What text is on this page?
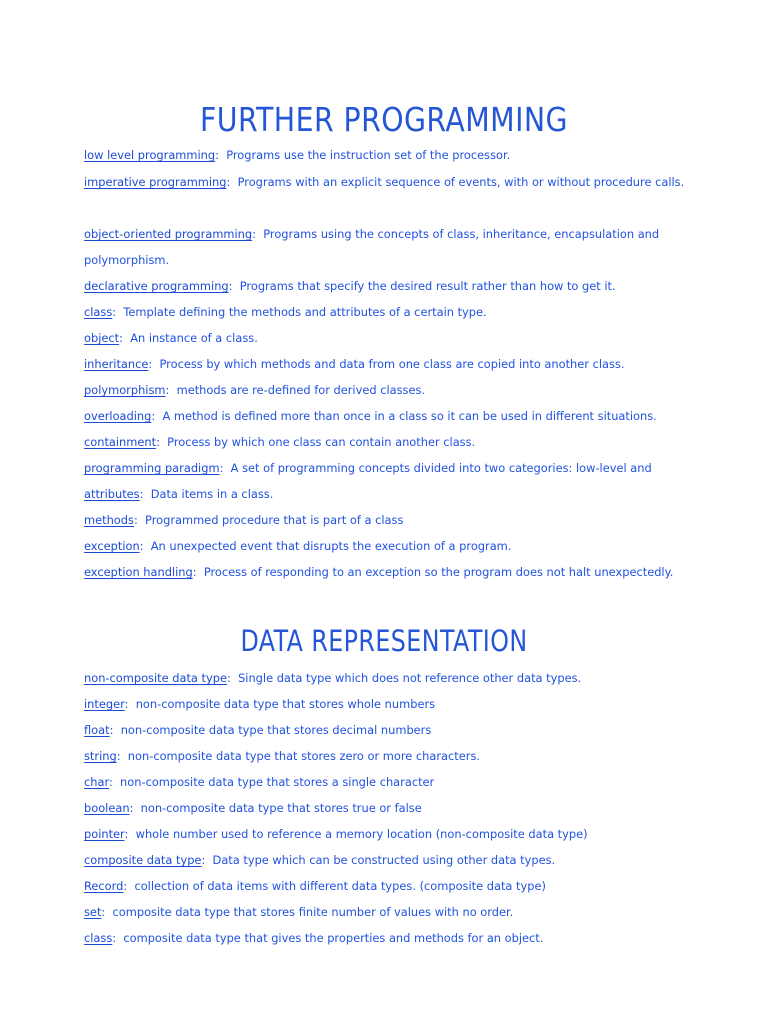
FURTHER PROGRAMMING
low level programming:  Programs use the instruction set of the processor.
imperative programming:  Programs with an explicit sequence of events, with or without procedure calls.
object-oriented programming:  Programs using the concepts of class, inheritance, encapsulation and polymorphism.
declarative programming:  Programs that specify the desired result rather than how to get it.
class:  Template defining the methods and attributes of a certain type.
object:  An instance of a class.
inheritance:  Process by which methods and data from one class are copied into another class.
polymorphism:  methods are re-defined for derived classes.
overloading:  A method is defined more than once in a class so it can be used in different situations.
containment:  Process by which one class can contain another class.
programming paradigm:  A set of programming concepts divided into two categories: low-level and
attributes:  Data items in a class.
methods:  Programmed procedure that is part of a class
exception:  An unexpected event that disrupts the execution of a program.
exception handling:  Process of responding to an exception so the program does not halt unexpectedly.
DATA REPRESENTATION
non-composite data type:  Single data type which does not reference other data types.
integer:  non-composite data type that stores whole numbers
float:  non-composite data type that stores decimal numbers
string:  non-composite data type that stores zero or more characters.
char:  non-composite data type that stores a single character
boolean:  non-composite data type that stores true or false
pointer:  whole number used to reference a memory location (non-composite data type)
composite data type:  Data type which can be constructed using other data types.
Record:  collection of data items with different data types. (composite data type)
set:  composite data type that stores finite number of values with no order.
class:  composite data type that gives the properties and methods for an object.
